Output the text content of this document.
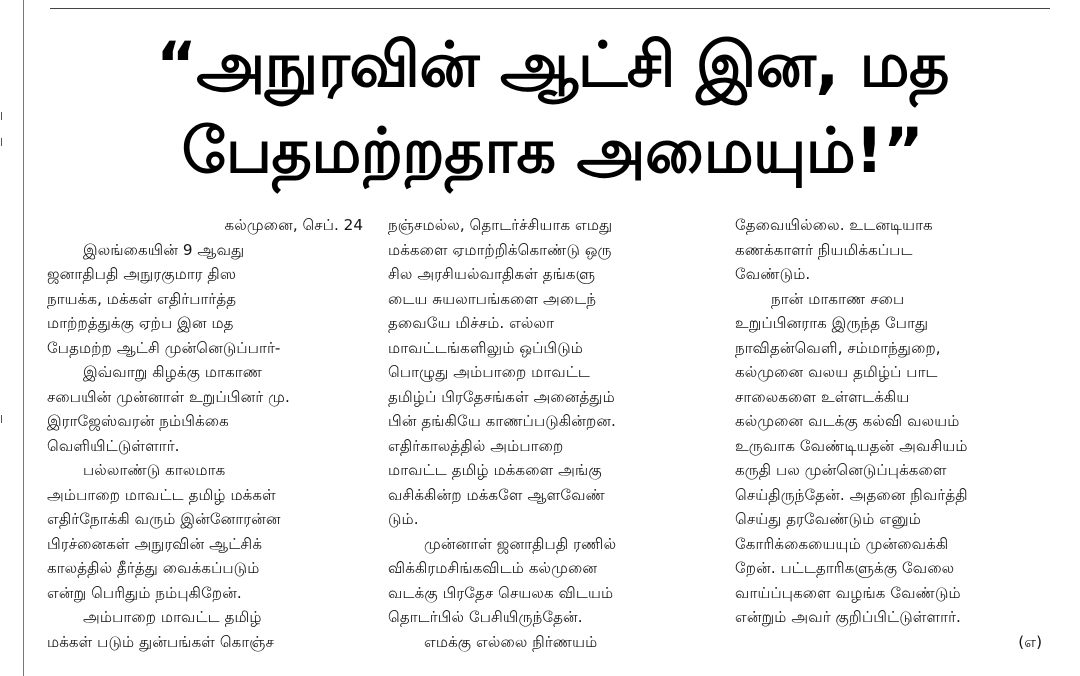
“அநுரவின் ஆட்சி இன, மத
பேதமற்றதாக அமையும்!”
கல்முனை, செப். 24
இலங்கையின் 9 ஆவது
ஜனாதிபதி அநுரகுமார திஸ
நாயக்க, மக்கள் எதிர்பார்த்த
மாற்றத்துக்கு ஏற்ப இன மத
பேதமற்ற ஆட்சி முன்னெடுப்பார்-
இவ்வாறு கிழக்கு மாகாண
சபையின் முன்னாள் உறுப்பினர் மு.
இராஜேஸ்வரன் நம்பிக்கை
வெளியிட்டுள்ளார்.
பல்லாண்டு காலமாக
அம்பாறை மாவட்ட தமிழ் மக்கள்
எதிர்நோக்கி வரும் இன்னோரன்ன
பிரச்னைகள் அநுரவின் ஆட்சிக்
காலத்தில் தீர்த்து வைக்கப்படும்
என்று பெரிதும் நம்புகிறேன்.
அம்பாறை மாவட்ட தமிழ்
மக்கள் படும் துன்பங்கள் கொஞ்ச
நஞ்சமல்ல, தொடர்ச்சியாக எமது
மக்களை ஏமாற்றிக்கொண்டு ஒரு
சில அரசியல்வாதிகள் தங்களு
டைய சுயலாபங்களை அடைந்
தவையே மிச்சம். எல்லா
மாவட்டங்களிலும் ஒப்பிடும்
பொழுது அம்பாறை மாவட்ட
தமிழ்ப் பிரதேசங்கள் அனைத்தும்
பின் தங்கியே காணப்படுகின்றன.
எதிர்காலத்தில் அம்பாறை
மாவட்ட தமிழ் மக்களை அங்கு
வசிக்கின்ற மக்களே ஆளவேண்
டும்.
முன்னாள் ஜனாதிபதி ரணில்
விக்கிரமசிங்கவிடம் கல்முனை
வடக்கு பிரதேச செயலக விடயம்
தொடர்பில் பேசியிருந்தேன்.
எமக்கு எல்லை நிர்ணயம்
தேவையில்லை. உடனடியாக
கணக்காளர் நியமிக்கப்பட
வேண்டும்.
நான் மாகாண சபை
உறுப்பினராக இருந்த போது
நாவிதன்வெளி, சம்மாந்துறை,
கல்முனை வலய தமிழ்ப் பாட
சாலைகளை உள்ளடக்கிய
கல்முனை வடக்கு கல்வி வலயம்
உருவாக வேண்டியதன் அவசியம்
கருதி பல முன்னெடுப்புக்களை
செய்திருந்தேன். அதனை நிவர்த்தி
செய்து தரவேண்டும் எனும்
கோரிக்கையையும் முன்வைக்கி
றேன். பட்டதாரிகளுக்கு வேலை
வாய்ப்புகளை வழங்க வேண்டும்
என்றும் அவர் குறிப்பிட்டுள்ளார்.
(எ)
